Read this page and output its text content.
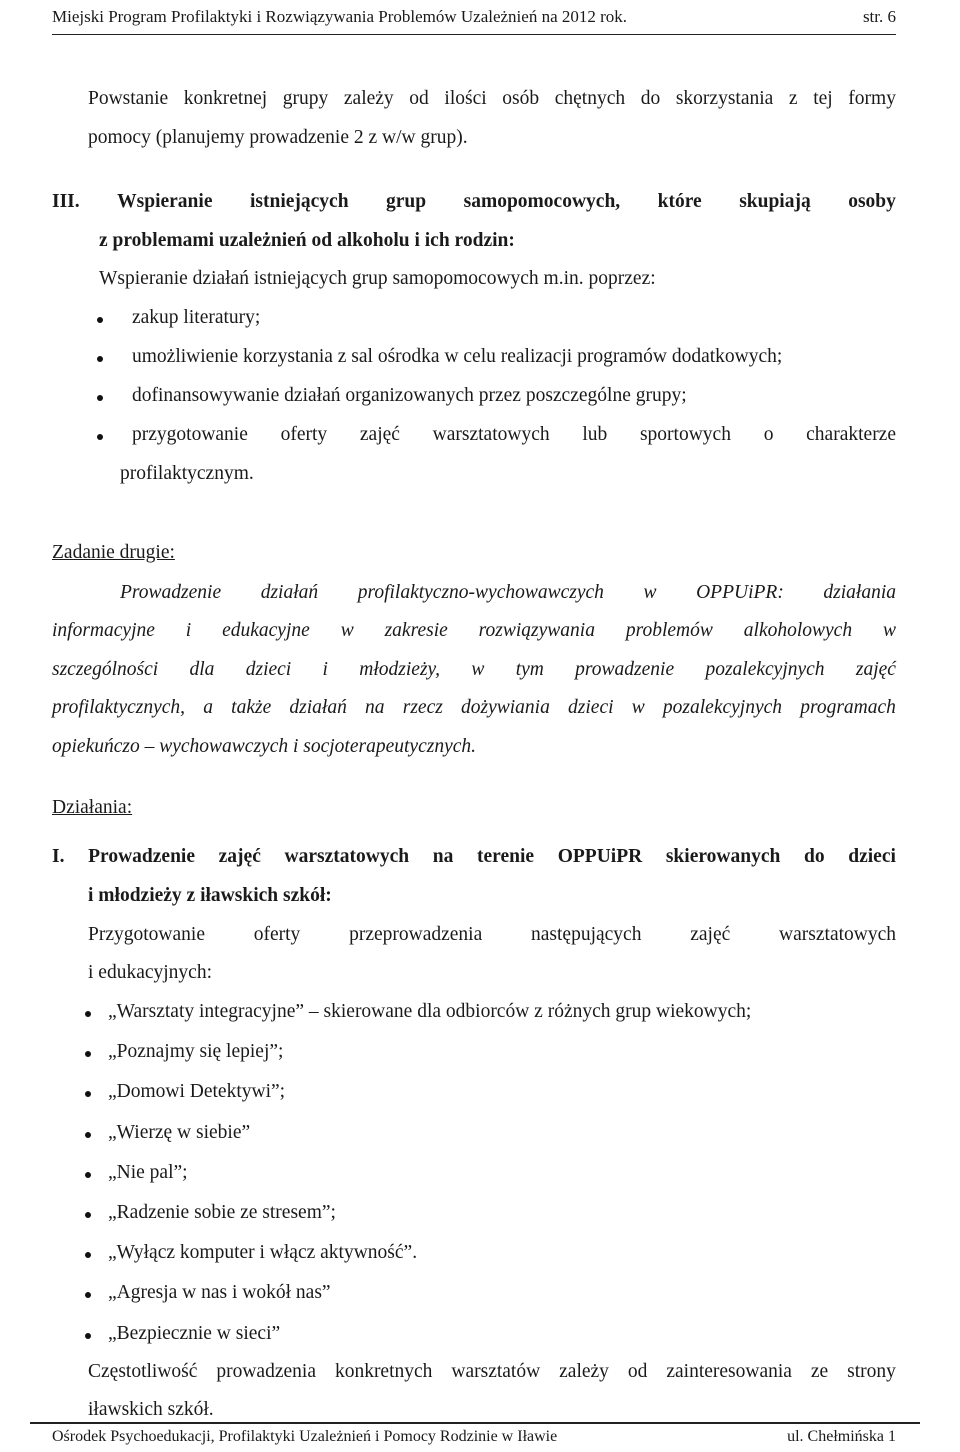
Miejski Program Profilaktyki i Rozwiązywania Problemów Uzależnień na 2012 rok.	str. 6
Powstanie konkretnej grupy zależy od ilości osób chętnych do skorzystania z tej formy
pomocy (planujemy prowadzenie 2 z w/w grup).
III. Wspieranie istniejących grup samopomocowych, które skupiają osoby
z problemami uzależnień od alkoholu i ich rodzin:
Wspieranie działań istniejących grup samopomocowych m.in. poprzez:
zakup literatury;
umożliwienie korzystania z sal ośrodka w celu realizacji programów dodatkowych;
dofinansowywanie działań organizowanych przez poszczególne grupy;
przygotowanie oferty zajęć warsztatowych lub sportowych o charakterze
profilaktycznym.
Zadanie drugie:
Prowadzenie działań profilaktyczno-wychowawczych w OPPUiPR: działania
informacyjne i edukacyjne w zakresie rozwiązywania problemów alkoholowych w
szczególności dla dzieci i młodzieży, w tym prowadzenie pozalekcyjnych zajęć
profilaktycznych, a także działań na rzecz dożywiania dzieci w pozalekcyjnych programach
opiekuńczo – wychowawczych i socjoterapeutycznych.
Działania:
I. Prowadzenie zajęć warsztatowych na terenie OPPUiPR skierowanych do dzieci
i młodzieży z iławskich szkół:
Przygotowanie	oferty	przeprowadzenia	następujących	zajęć	warsztatowych
i edukacyjnych:
„Warsztaty integracyjne” – skierowane dla odbiorców z różnych grup wiekowych;
„Poznajmy się lepiej”;
„Domowi Detektywi”;
„Wierzę w siebie”
„Nie pal”;
„Radzenie sobie ze stresem”;
„Wyłącz komputer i włącz aktywność”.
„Agresja w nas i wokół nas”
„Bezpiecznie w sieci”
Częstotliwość prowadzenia konkretnych warsztatów zależy od zainteresowania ze strony
iławskich szkół.
Ośrodek Psychoedukacji, Profilaktyki Uzależnień i Pomocy Rodzinie w Iławie	ul. Chełmińska 1
